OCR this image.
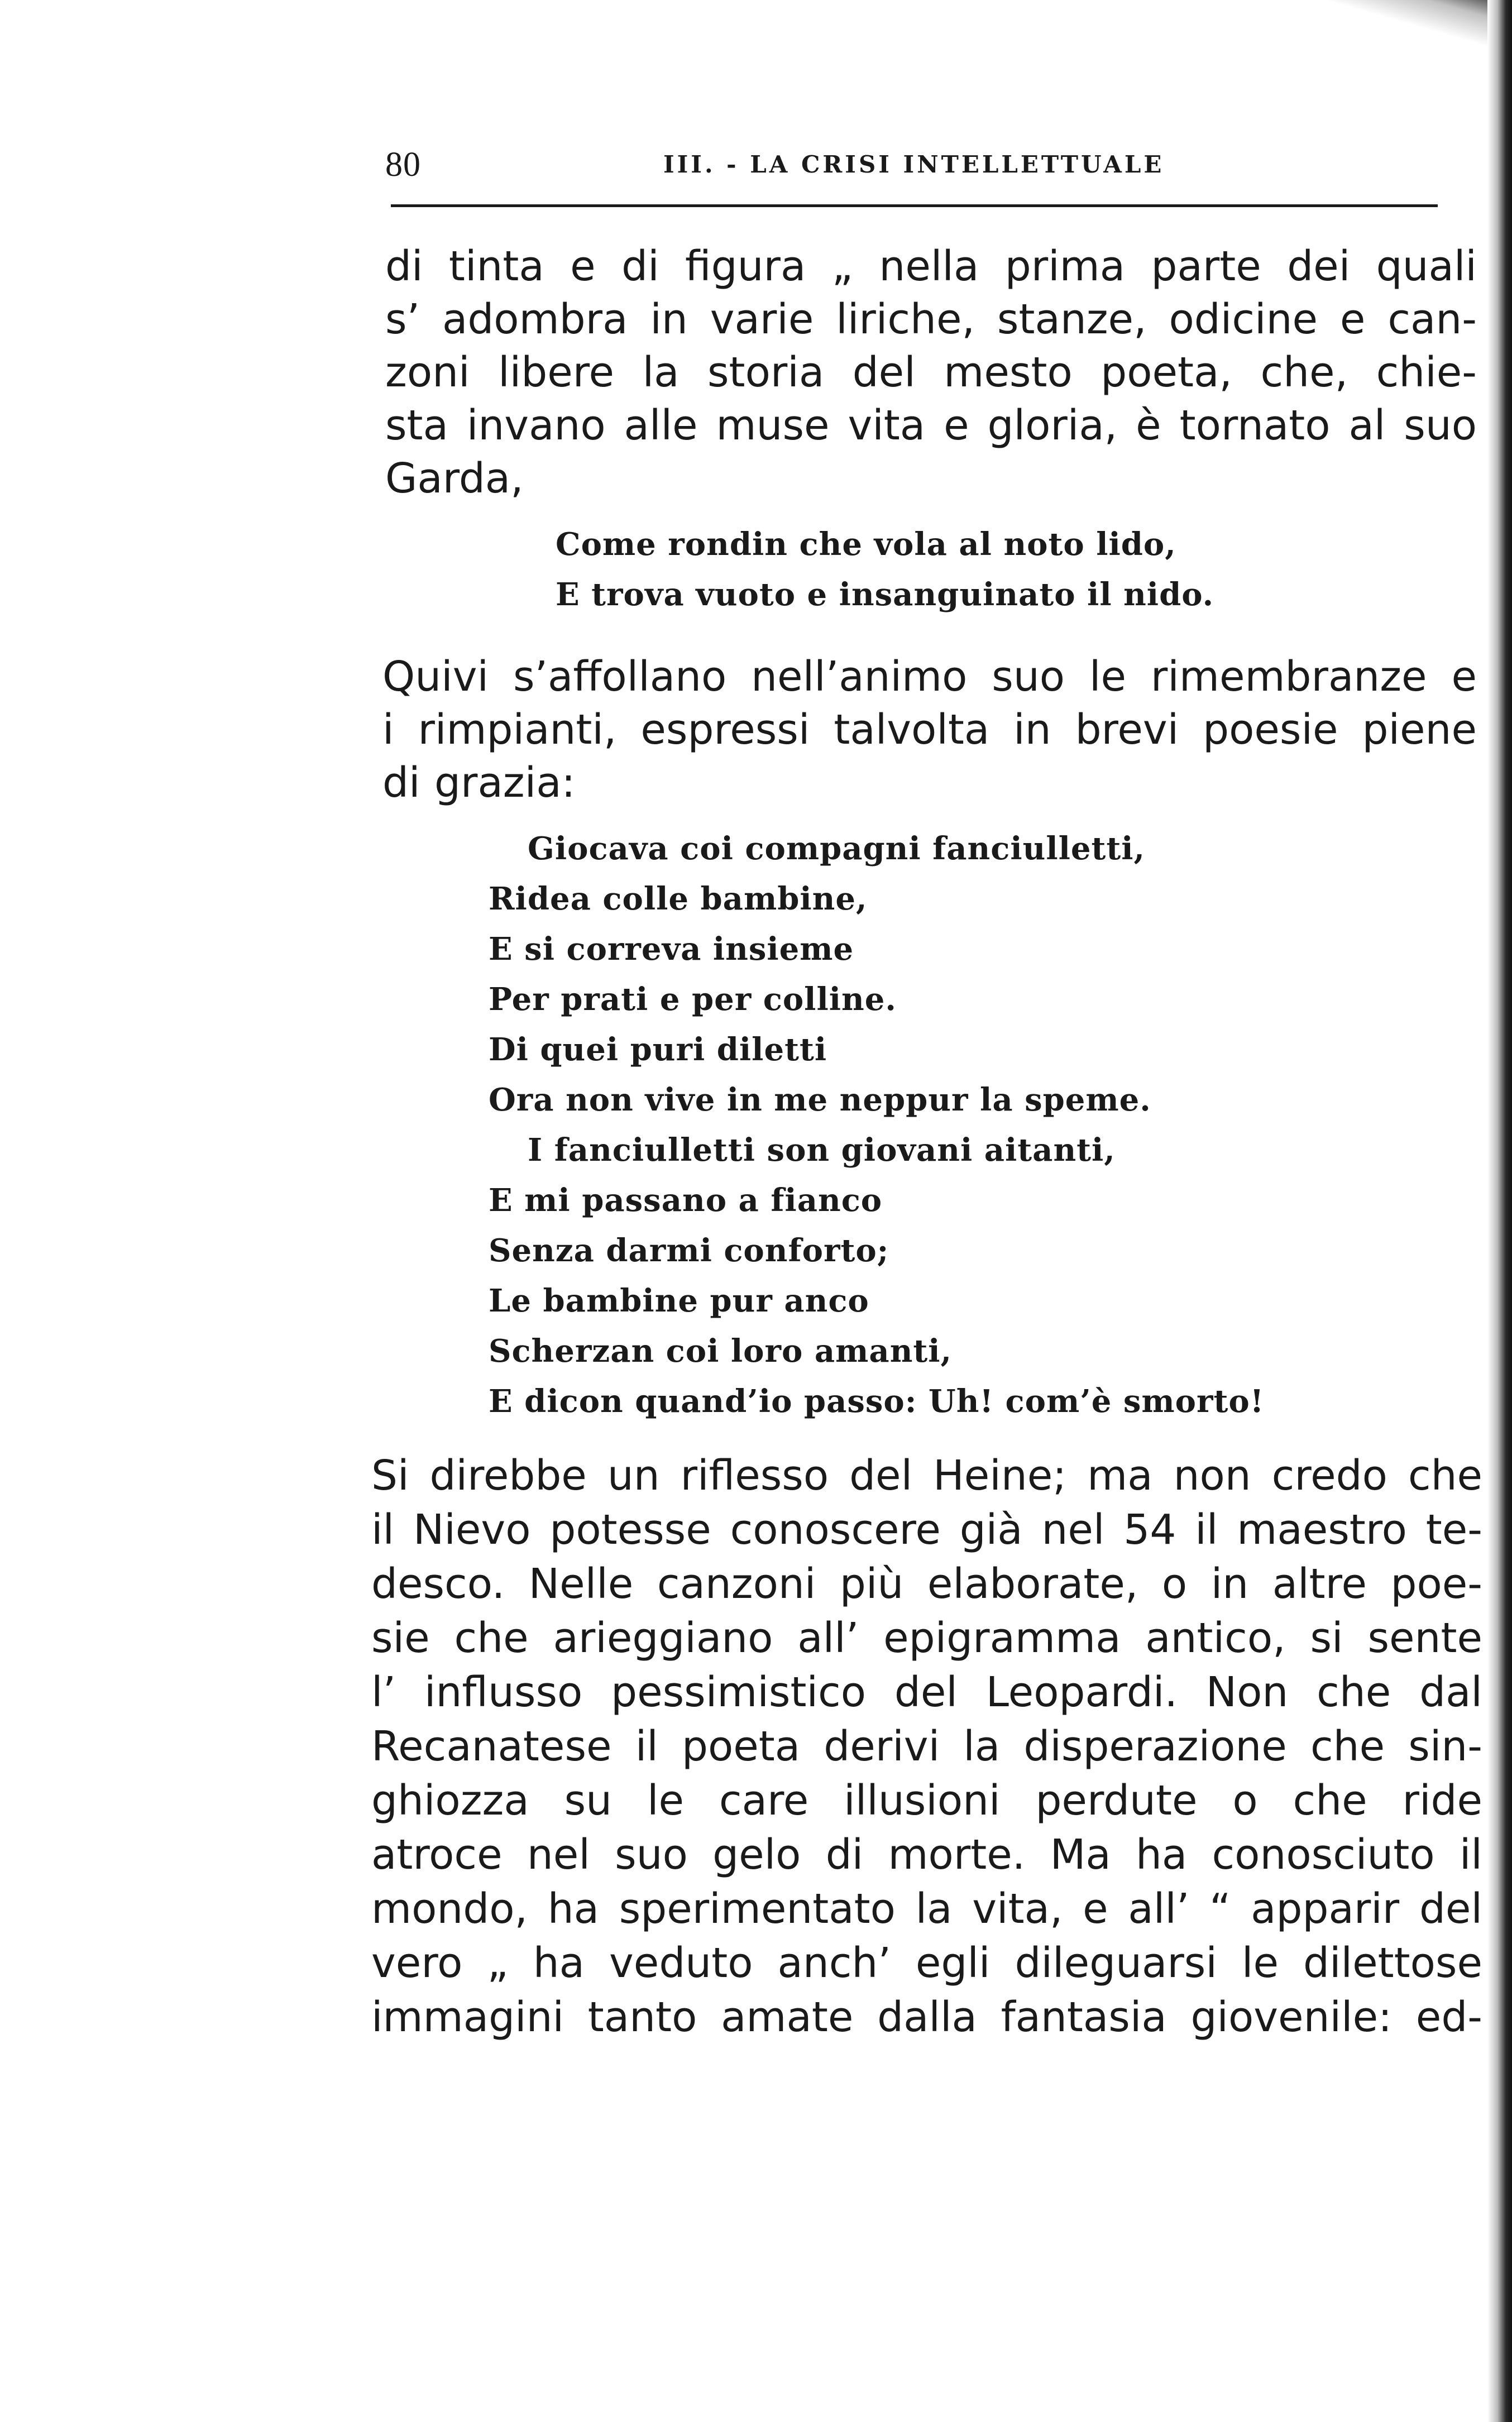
80	III. - LA CRISI INTELLETTUALE

di tinta e di figura „ nella prima parte dei quali
s’ adombra in varie liriche, stanze, odicine e can-
zoni libere la storia del mesto poeta, che, chie-
sta invano alle muse vita e gloria, è tornato al suo
Garda,

Come rondin che vola al noto lido,
E trova vuoto e insanguinato il nido.

Quivi s’affollano nell’animo suo le rimembranze e
i rimpianti, espressi talvolta in brevi poesie piene
di grazia:

Giocava coi compagni fanciulletti,
Ridea colle bambine,
E si correva insieme
Per prati e per colline.
Di quei puri diletti
Ora non vive in me neppur la speme.
I fanciulletti son giovani aitanti,
E mi passano a fianco
Senza darmi conforto;
Le bambine pur anco
Scherzan coi loro amanti,
E dicon quand’io passo: Uh! com’è smorto!

Si direbbe un riflesso del Heine; ma non credo che
il Nievo potesse conoscere già nel 54 il maestro te-
desco. Nelle canzoni più elaborate, o in altre poe-
sie che arieggiano all’ epigramma antico, si sente
l’ influsso pessimistico del Leopardi. Non che dal
Recanatese il poeta derivi la disperazione che sin-
ghiozza su le care illusioni perdute o che ride
atroce nel suo gelo di morte. Ma ha conosciuto il
mondo, ha sperimentato la vita, e all’ “ apparir del
vero „ ha veduto anch’ egli dileguarsi le dilettose
immagini tanto amate dalla fantasia giovenile: ed-
